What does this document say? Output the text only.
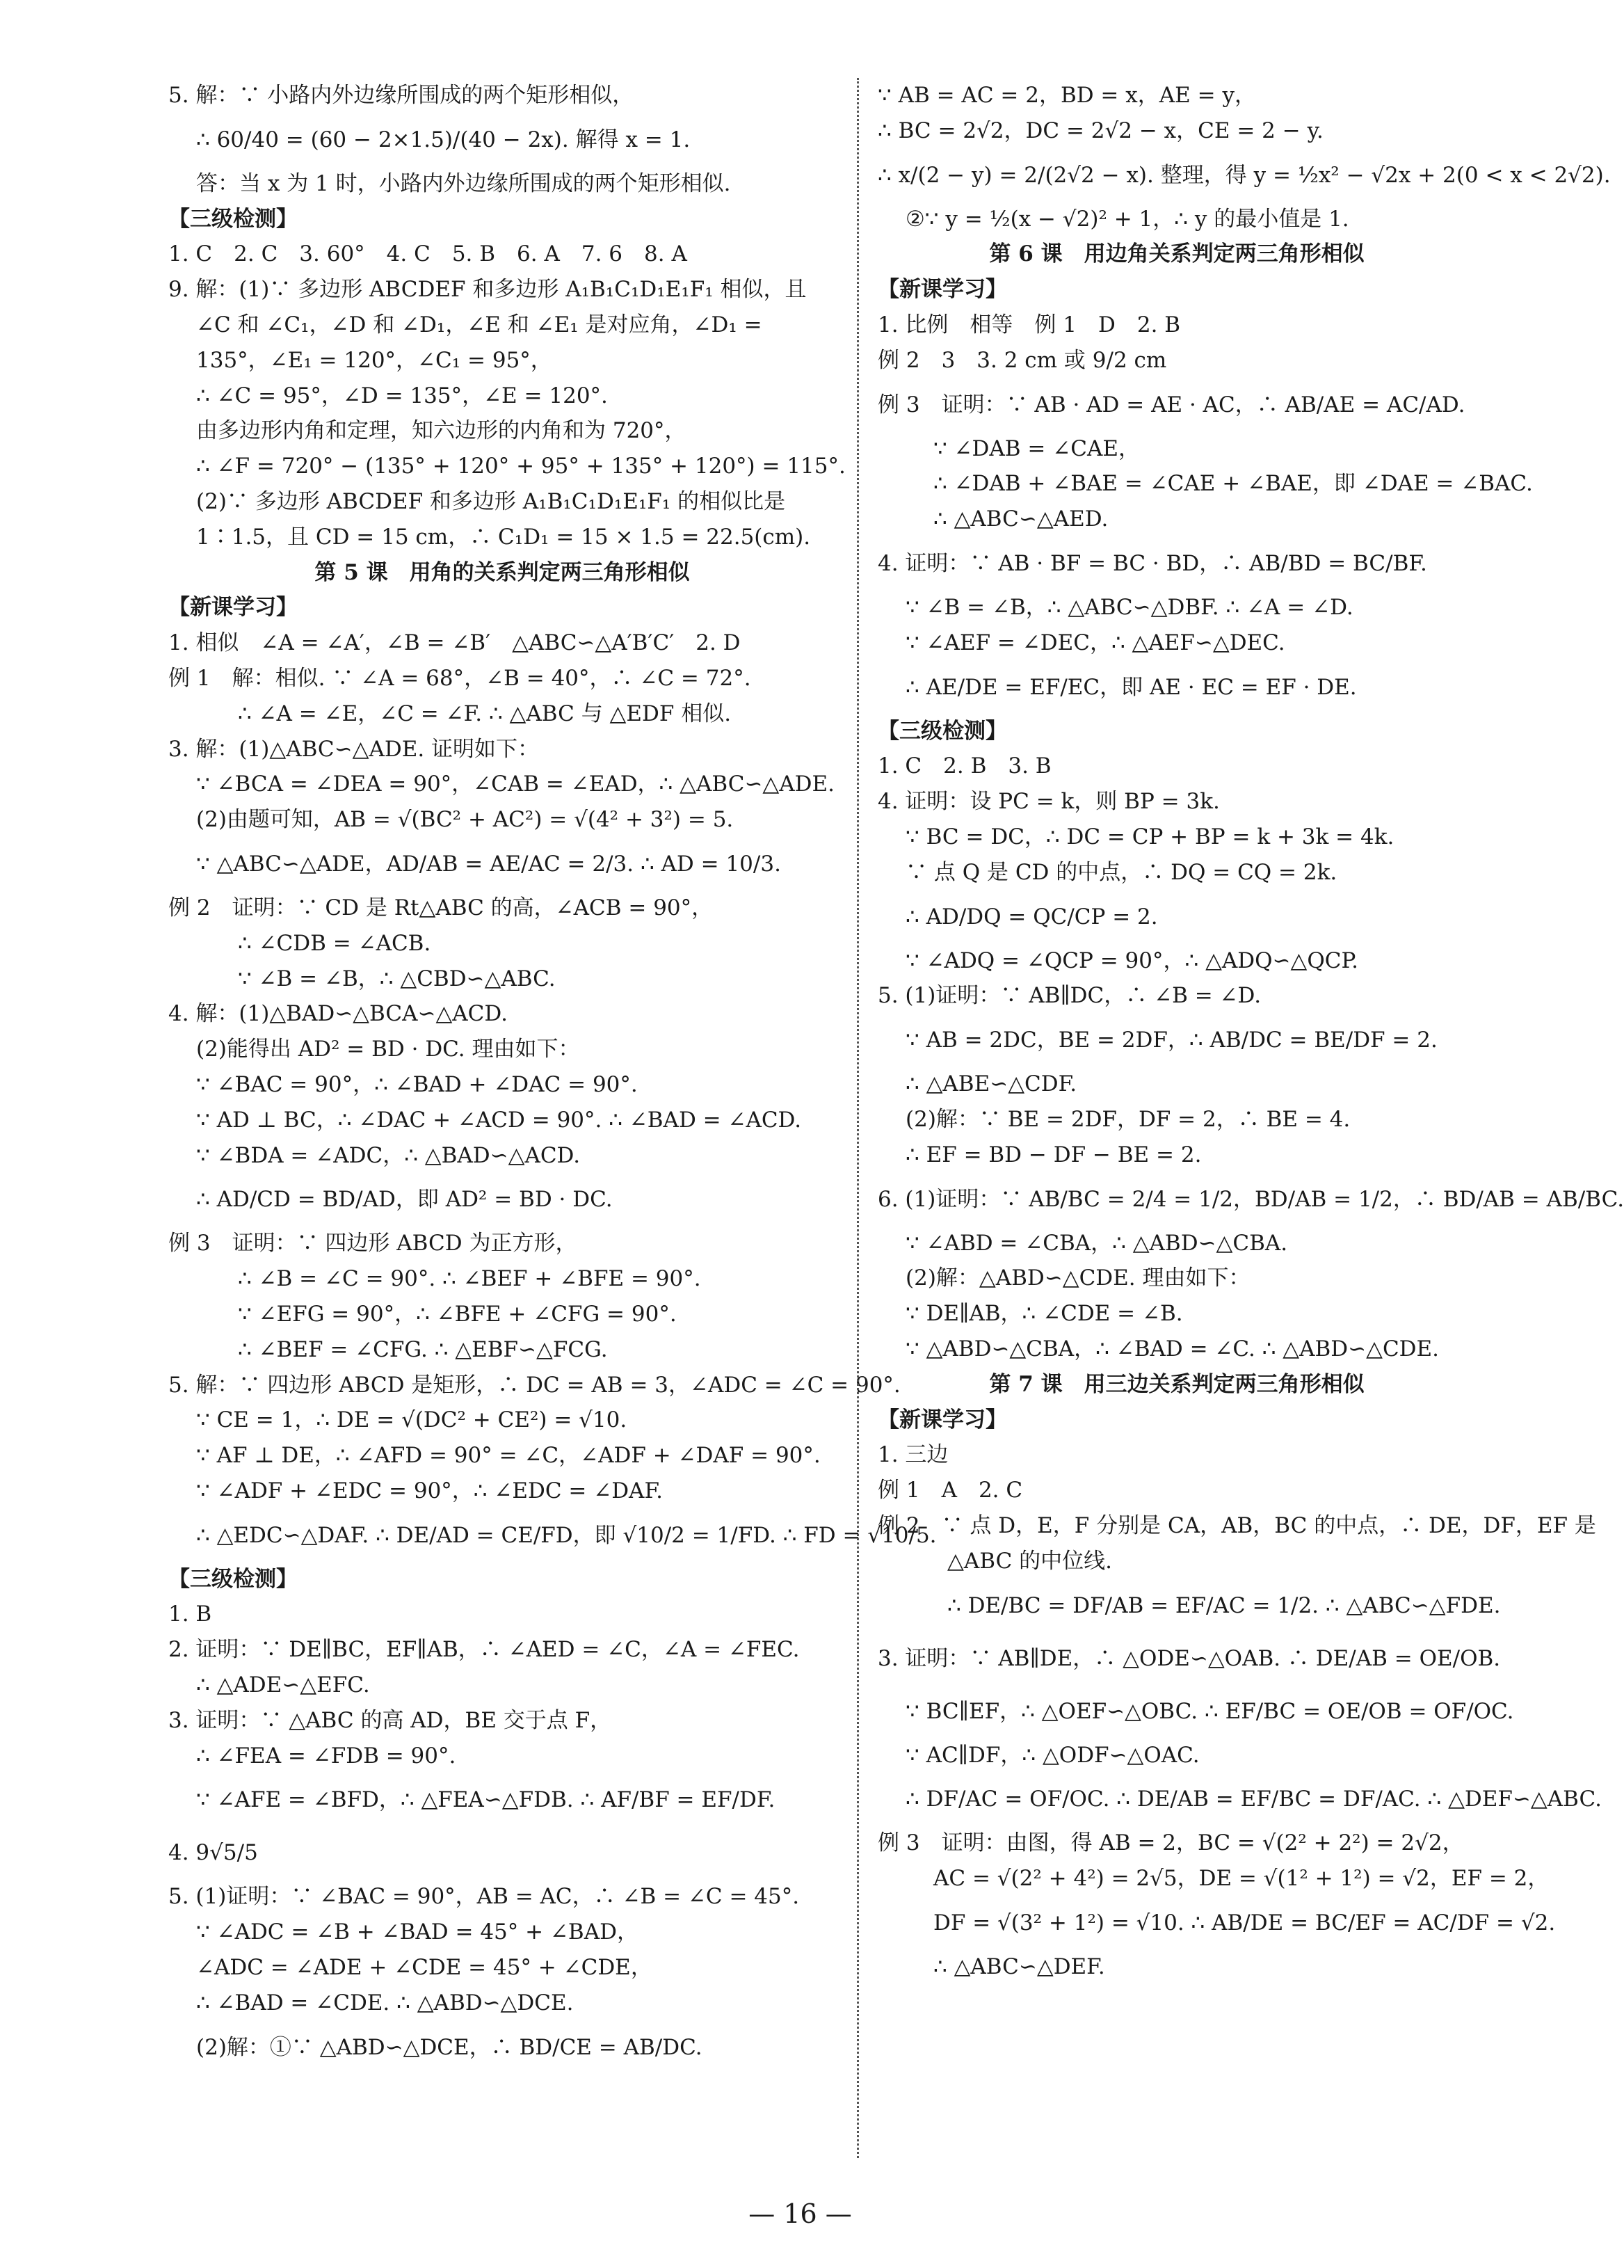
5. 解：∵ 小路内外边缘所围成的两个矩形相似，
∴ 60/40 = (60 − 2×1.5)/(40 − 2x). 解得 x = 1.
答：当 x 为 1 时，小路内外边缘所围成的两个矩形相似.
【三级检测】
1. C　2. C　3. 60°　4. C　5. B　6. A　7. 6　8. A
9. 解：(1)∵ 多边形 ABCDEF 和多边形 A₁B₁C₁D₁E₁F₁ 相似，且
∠C 和 ∠C₁，∠D 和 ∠D₁，∠E 和 ∠E₁ 是对应角，∠D₁ =
135°，∠E₁ = 120°，∠C₁ = 95°，
∴ ∠C = 95°，∠D = 135°，∠E = 120°.
由多边形内角和定理，知六边形的内角和为 720°，
∴ ∠F = 720° − (135° + 120° + 95° + 135° + 120°) = 115°.
(2)∵ 多边形 ABCDEF 和多边形 A₁B₁C₁D₁E₁F₁ 的相似比是
1∶1.5，且 CD = 15 cm，∴ C₁D₁ = 15 × 1.5 = 22.5(cm).
第 5 课　用角的关系判定两三角形相似
【新课学习】
1. 相似　∠A = ∠A′，∠B = ∠B′　△ABC∽△A′B′C′　2. D
例 1　解：相似. ∵ ∠A = 68°，∠B = 40°，∴ ∠C = 72°.
∴ ∠A = ∠E，∠C = ∠F. ∴ △ABC 与 △EDF 相似.
3. 解：(1)△ABC∽△ADE. 证明如下：
∵ ∠BCA = ∠DEA = 90°，∠CAB = ∠EAD，∴ △ABC∽△ADE.
(2)由题可知，AB = √(BC² + AC²) = √(4² + 3²) = 5.
∵ △ABC∽△ADE，AD/AB = AE/AC = 2/3. ∴ AD = 10/3.
例 2　证明：∵ CD 是 Rt△ABC 的高，∠ACB = 90°，
∴ ∠CDB = ∠ACB.
∵ ∠B = ∠B，∴ △CBD∽△ABC.
4. 解：(1)△BAD∽△BCA∽△ACD.
(2)能得出 AD² = BD · DC. 理由如下：
∵ ∠BAC = 90°，∴ ∠BAD + ∠DAC = 90°.
∵ AD ⊥ BC，∴ ∠DAC + ∠ACD = 90°. ∴ ∠BAD = ∠ACD.
∵ ∠BDA = ∠ADC，∴ △BAD∽△ACD.
∴ AD/CD = BD/AD，即 AD² = BD · DC.
例 3　证明：∵ 四边形 ABCD 为正方形，
∴ ∠B = ∠C = 90°. ∴ ∠BEF + ∠BFE = 90°.
∵ ∠EFG = 90°，∴ ∠BFE + ∠CFG = 90°.
∴ ∠BEF = ∠CFG. ∴ △EBF∽△FCG.
5. 解：∵ 四边形 ABCD 是矩形，∴ DC = AB = 3，∠ADC = ∠C = 90°.
∵ CE = 1，∴ DE = √(DC² + CE²) = √10.
∵ AF ⊥ DE，∴ ∠AFD = 90° = ∠C，∠ADF + ∠DAF = 90°.
∵ ∠ADF + ∠EDC = 90°，∴ ∠EDC = ∠DAF.
∴ △EDC∽△DAF. ∴ DE/AD = CE/FD，即 √10/2 = 1/FD. ∴ FD = √10/5.
【三级检测】
1. B
2. 证明：∵ DE∥BC，EF∥AB，∴ ∠AED = ∠C，∠A = ∠FEC.
∴ △ADE∽△EFC.
3. 证明：∵ △ABC 的高 AD，BE 交于点 F，
∴ ∠FEA = ∠FDB = 90°.
∵ ∠AFE = ∠BFD，∴ △FEA∽△FDB. ∴ AF/BF = EF/DF.
4. 9√5/5
5. (1)证明：∵ ∠BAC = 90°，AB = AC，∴ ∠B = ∠C = 45°.
∵ ∠ADC = ∠B + ∠BAD = 45° + ∠BAD，
∠ADC = ∠ADE + ∠CDE = 45° + ∠CDE，
∴ ∠BAD = ∠CDE. ∴ △ABD∽△DCE.
(2)解：①∵ △ABD∽△DCE，∴ BD/CE = AB/DC.
∵ AB = AC = 2，BD = x，AE = y，
∴ BC = 2√2，DC = 2√2 − x，CE = 2 − y.
∴ x/(2 − y) = 2/(2√2 − x). 整理，得 y = ½x² − √2x + 2(0 < x < 2√2).
②∵ y = ½(x − √2)² + 1，∴ y 的最小值是 1.
第 6 课　用边角关系判定两三角形相似
【新课学习】
1. 比例　相等　例 1　D　2. B
例 2　3　3. 2 cm 或 9/2 cm
例 3　证明：∵ AB · AD = AE · AC，∴ AB/AE = AC/AD.
∵ ∠DAB = ∠CAE，
∴ ∠DAB + ∠BAE = ∠CAE + ∠BAE，即 ∠DAE = ∠BAC.
∴ △ABC∽△AED.
4. 证明：∵ AB · BF = BC · BD，∴ AB/BD = BC/BF.
∵ ∠B = ∠B，∴ △ABC∽△DBF. ∴ ∠A = ∠D.
∵ ∠AEF = ∠DEC，∴ △AEF∽△DEC.
∴ AE/DE = EF/EC，即 AE · EC = EF · DE.
【三级检测】
1. C　2. B　3. B
4. 证明：设 PC = k，则 BP = 3k.
∵ BC = DC，∴ DC = CP + BP = k + 3k = 4k.
∵ 点 Q 是 CD 的中点，∴ DQ = CQ = 2k.
∴ AD/DQ = QC/CP = 2.
∵ ∠ADQ = ∠QCP = 90°，∴ △ADQ∽△QCP.
5. (1)证明：∵ AB∥DC，∴ ∠B = ∠D.
∵ AB = 2DC，BE = 2DF，∴ AB/DC = BE/DF = 2.
∴ △ABE∽△CDF.
(2)解：∵ BE = 2DF，DF = 2，∴ BE = 4.
∴ EF = BD − DF − BE = 2.
6. (1)证明：∵ AB/BC = 2/4 = 1/2，BD/AB = 1/2，∴ BD/AB = AB/BC.
∵ ∠ABD = ∠CBA，∴ △ABD∽△CBA.
(2)解：△ABD∽△CDE. 理由如下：
∵ DE∥AB，∴ ∠CDE = ∠B.
∵ △ABD∽△CBA，∴ ∠BAD = ∠C. ∴ △ABD∽△CDE.
第 7 课　用三边关系判定两三角形相似
【新课学习】
1. 三边
例 1　A　2. C
例 2　∵ 点 D，E，F 分别是 CA，AB，BC 的中点，∴ DE，DF，EF 是
△ABC 的中位线.
∴ DE/BC = DF/AB = EF/AC = 1/2. ∴ △ABC∽△FDE.
3. 证明：∵ AB∥DE，∴ △ODE∽△OAB. ∴ DE/AB = OE/OB.
∵ BC∥EF，∴ △OEF∽△OBC. ∴ EF/BC = OE/OB = OF/OC.
∵ AC∥DF，∴ △ODF∽△OAC.
∴ DF/AC = OF/OC. ∴ DE/AB = EF/BC = DF/AC. ∴ △DEF∽△ABC.
例 3　证明：由图，得 AB = 2，BC = √(2² + 2²) = 2√2，
AC = √(2² + 4²) = 2√5，DE = √(1² + 1²) = √2，EF = 2，
DF = √(3² + 1²) = √10. ∴ AB/DE = BC/EF = AC/DF = √2.
∴ △ABC∽△DEF.
— 16 —
